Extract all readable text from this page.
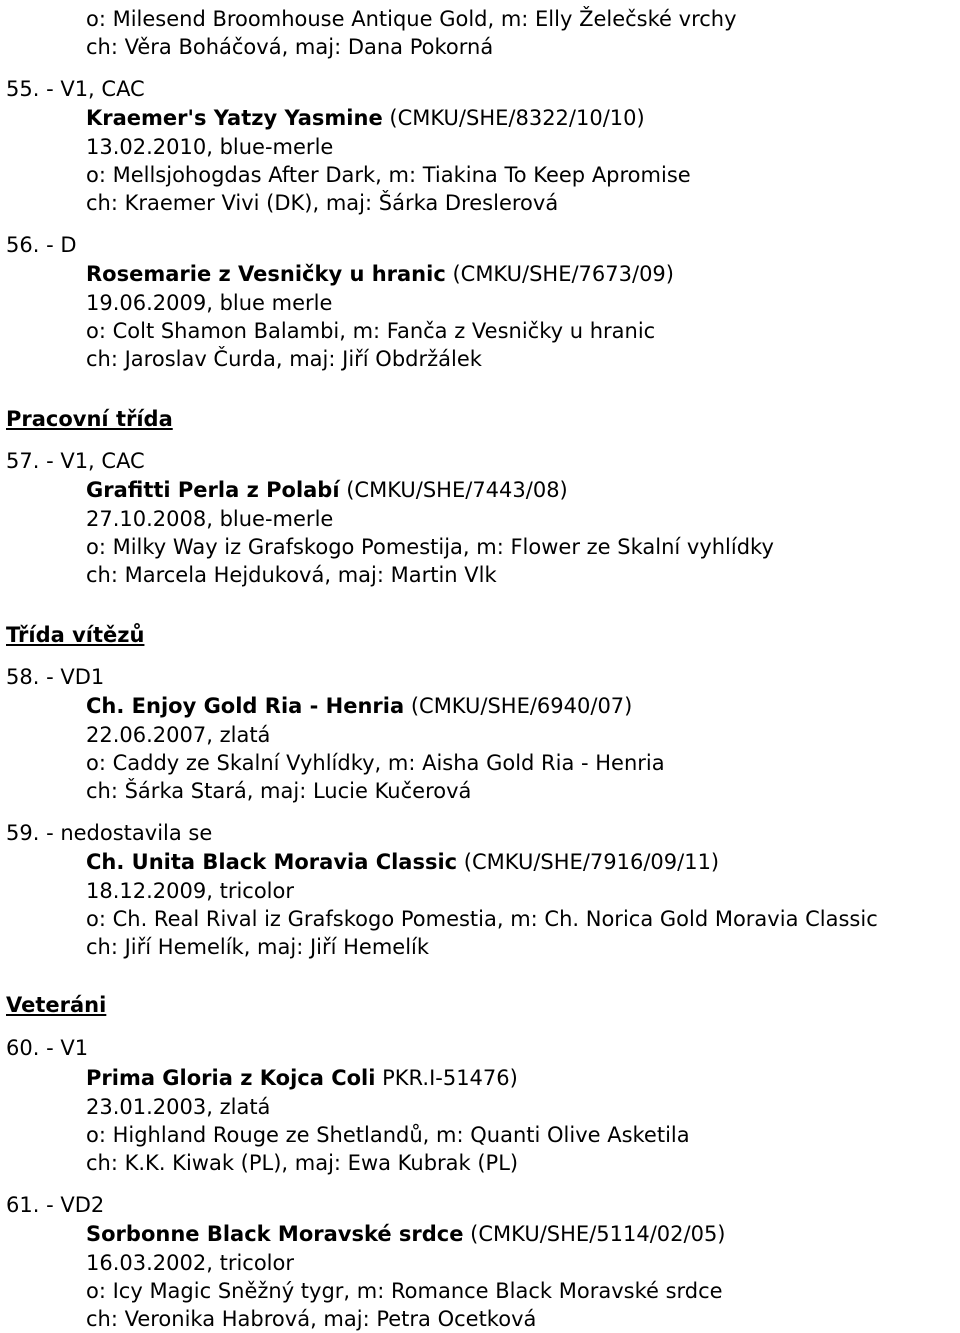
o: Milesend Broomhouse Antique Gold, m: Elly Želečské vrchy
ch: Věra Boháčová, maj: Dana Pokorná
55. - V1, CAC
Kraemer's Yatzy Yasmine (CMKU/SHE/8322/10/10)
13.02.2010, blue-merle
o: Mellsjohogdas After Dark, m: Tiakina To Keep Apromise
ch: Kraemer Vivi (DK), maj: Šárka Dreslerová
56. - D
Rosemarie z Vesničky u hranic (CMKU/SHE/7673/09)
19.06.2009, blue merle
o: Colt Shamon Balambi, m: Fanča z Vesničky u hranic
ch: Jaroslav Čurda, maj: Jiří Obdržálek
Pracovní třída
57. - V1, CAC
Grafitti Perla z Polabí (CMKU/SHE/7443/08)
27.10.2008, blue-merle
o: Milky Way iz Grafskogo Pomestija, m: Flower ze Skalní vyhlídky
ch: Marcela Hejduková, maj: Martin Vlk
Třída vítězů
58. - VD1
Ch. Enjoy Gold Ria - Henria (CMKU/SHE/6940/07)
22.06.2007, zlatá
o: Caddy ze Skalní Vyhlídky, m: Aisha Gold Ria - Henria
ch: Šárka Stará, maj: Lucie Kučerová
59. - nedostavila se
Ch. Unita Black Moravia Classic (CMKU/SHE/7916/09/11)
18.12.2009, tricolor
o: Ch. Real Rival iz Grafskogo Pomestia, m: Ch. Norica Gold Moravia Classic
ch: Jiří Hemelík, maj: Jiří Hemelík
Veteráni
60. - V1
Prima Gloria z Kojca Coli PKR.I-51476)
23.01.2003, zlatá
o: Highland Rouge ze Shetlandů, m: Quanti Olive Asketila
ch: K.K. Kiwak (PL), maj: Ewa Kubrak (PL)
61. - VD2
Sorbonne Black Moravské srdce (CMKU/SHE/5114/02/05)
16.03.2002, tricolor
o: Icy Magic Sněžný tygr, m: Romance Black Moravské srdce
ch: Veronika Habrová, maj: Petra Ocetková
